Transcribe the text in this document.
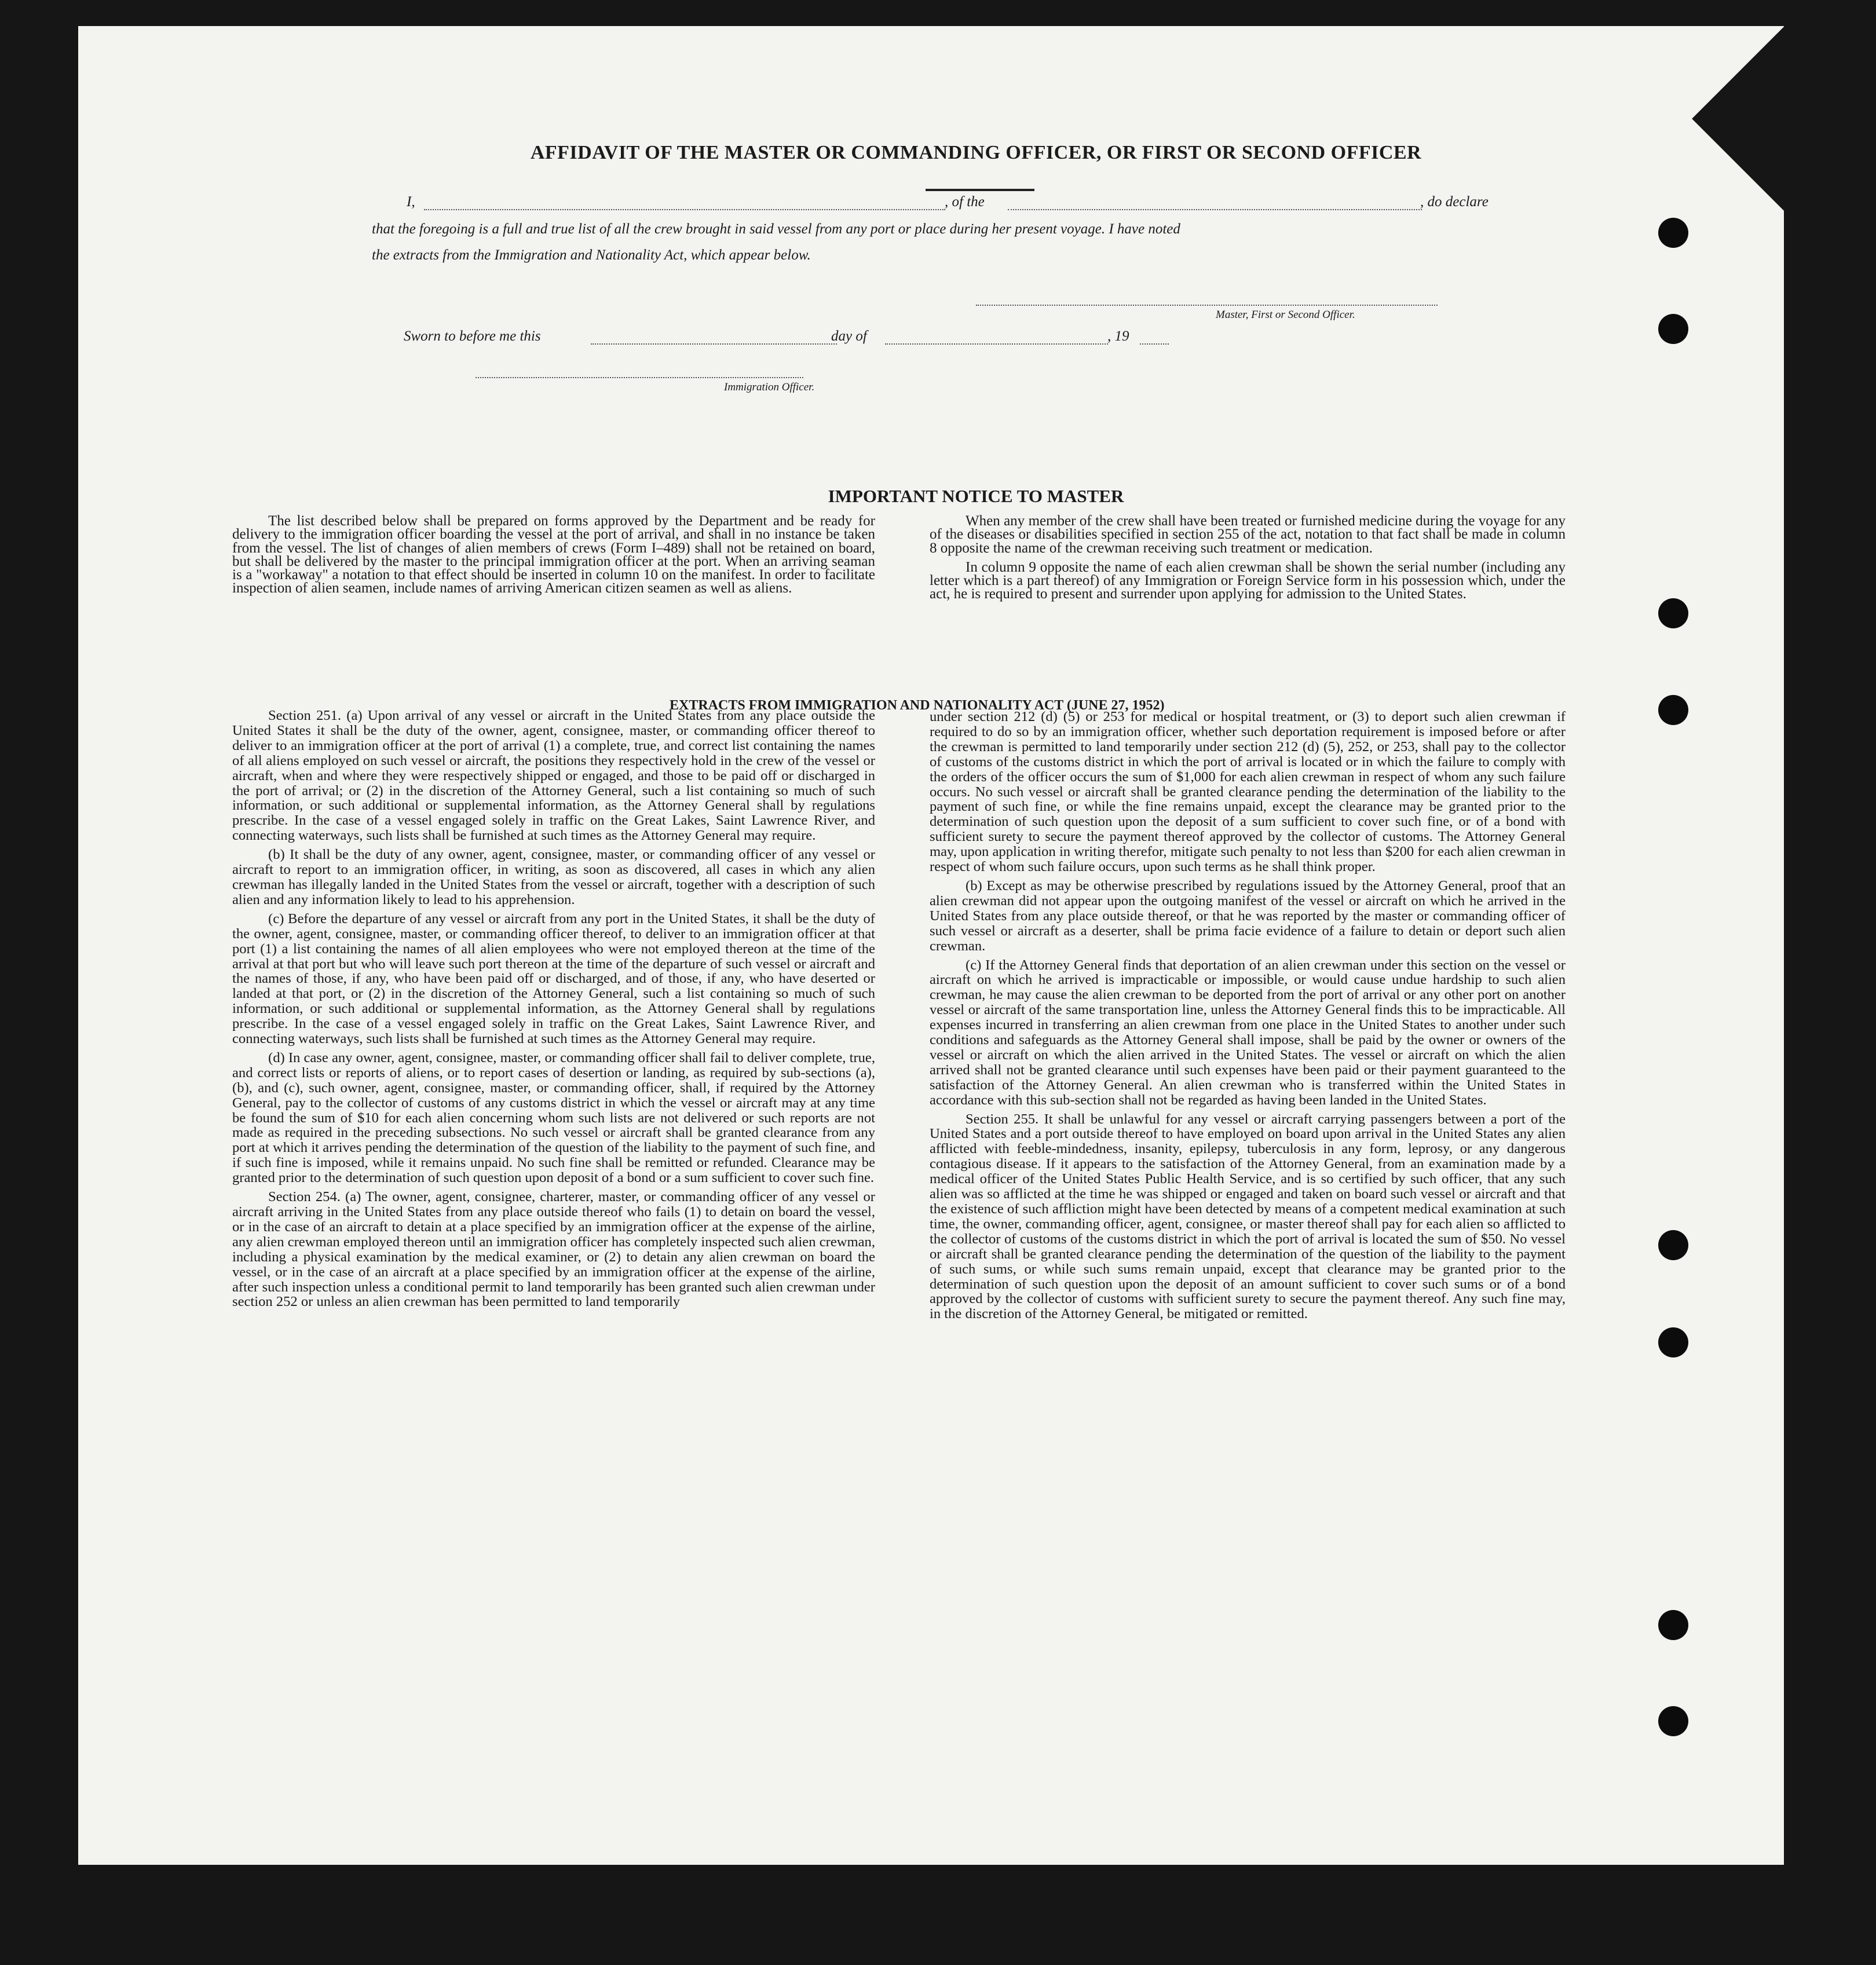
AFFIDAVIT OF THE MASTER OR COMMANDING OFFICER, OR FIRST OR SECOND OFFICER
I,	, of the	, do declare
that the foregoing is a full and true list of all the crew brought in said vessel from any port or place during her present voyage. I have noted
the extracts from the Immigration and Nationality Act, which appear below.
Master, First or Second Officer.
Sworn to before me this	day of	, 19
Immigration Officer.
IMPORTANT NOTICE TO MASTER

The list described below shall be prepared on forms approved by the Department and be ready for delivery to the immigration officer boarding the vessel at the port of arrival, and shall in no instance be taken from the vessel. The list of changes of alien members of crews (Form I–489) shall not be retained on board, but shall be delivered by the master to the principal immigration officer at the port. When an arriving seaman is a "workaway" a notation to that effect should be inserted in column 10 on the manifest. In order to facilitate inspection of alien seamen, include names of arriving American citizen seamen as well as aliens.

When any member of the crew shall have been treated or furnished medicine during the voyage for any of the diseases or disabilities specified in section 255 of the act, notation to that fact shall be made in column 8 opposite the name of the crewman receiving such treatment or medication.

In column 9 opposite the name of each alien crewman shall be shown the serial number (including any letter which is a part thereof) of any Immigration or Foreign Service form in his possession which, under the act, he is required to present and surrender upon applying for admission to the United States.

EXTRACTS FROM IMMIGRATION AND NATIONALITY ACT (JUNE 27, 1952)

Section 251. (a) Upon arrival of any vessel or aircraft in the United States from any place outside the United States it shall be the duty of the owner, agent, consignee, master, or commanding officer thereof to deliver to an immigration officer at the port of arrival (1) a complete, true, and correct list containing the names of all aliens employed on such vessel or aircraft, the positions they respectively hold in the crew of the vessel or aircraft, when and where they were respectively shipped or engaged, and those to be paid off or discharged in the port of arrival; or (2) in the discretion of the Attorney General, such a list containing so much of such information, or such additional or supplemental information, as the Attorney General shall by regulations prescribe. In the case of a vessel engaged solely in traffic on the Great Lakes, Saint Lawrence River, and connecting waterways, such lists shall be furnished at such times as the Attorney General may require.

(b) It shall be the duty of any owner, agent, consignee, master, or commanding officer of any vessel or aircraft to report to an immigration officer, in writing, as soon as discovered, all cases in which any alien crewman has illegally landed in the United States from the vessel or aircraft, together with a description of such alien and any information likely to lead to his apprehension.

(c) Before the departure of any vessel or aircraft from any port in the United States, it shall be the duty of the owner, agent, consignee, master, or commanding officer thereof, to deliver to an immigration officer at that port (1) a list containing the names of all alien employees who were not employed thereon at the time of the arrival at that port but who will leave such port thereon at the time of the departure of such vessel or aircraft and the names of those, if any, who have been paid off or discharged, and of those, if any, who have deserted or landed at that port, or (2) in the discretion of the Attorney General, such a list containing so much of such information, or such additional or supplemental information, as the Attorney General shall by regulations prescribe. In the case of a vessel engaged solely in traffic on the Great Lakes, Saint Lawrence River, and connecting waterways, such lists shall be furnished at such times as the Attorney General may require.

(d) In case any owner, agent, consignee, master, or commanding officer shall fail to deliver complete, true, and correct lists or reports of aliens, or to report cases of desertion or landing, as required by sub-sections (a), (b), and (c), such owner, agent, consignee, master, or commanding officer, shall, if required by the Attorney General, pay to the collector of customs of any customs district in which the vessel or aircraft may at any time be found the sum of $10 for each alien concerning whom such lists are not delivered or such reports are not made as required in the preceding subsections. No such vessel or aircraft shall be granted clearance from any port at which it arrives pending the determination of the question of the liability to the payment of such fine, and if such fine is imposed, while it remains unpaid. No such fine shall be remitted or refunded. Clearance may be granted prior to the determination of such question upon deposit of a bond or a sum sufficient to cover such fine.

Section 254. (a) The owner, agent, consignee, charterer, master, or commanding officer of any vessel or aircraft arriving in the United States from any place outside thereof who fails (1) to detain on board the vessel, or in the case of an aircraft to detain at a place specified by an immigration officer at the expense of the airline, any alien crewman employed thereon until an immigration officer has completely inspected such alien crewman, including a physical examination by the medical examiner, or (2) to detain any alien crewman on board the vessel, or in the case of an aircraft at a place specified by an immigration officer at the expense of the airline, after such inspection unless a conditional permit to land temporarily has been granted such alien crewman under section 252 or unless an alien crewman has been permitted to land temporarily

under section 212 (d) (5) or 253 for medical or hospital treatment, or (3) to deport such alien crewman if required to do so by an immigration officer, whether such deportation requirement is imposed before or after the crewman is permitted to land temporarily under section 212 (d) (5), 252, or 253, shall pay to the collector of customs of the customs district in which the port of arrival is located or in which the failure to comply with the orders of the officer occurs the sum of $1,000 for each alien crewman in respect of whom any such failure occurs. No such vessel or aircraft shall be granted clearance pending the determination of the liability to the payment of such fine, or while the fine remains unpaid, except the clearance may be granted prior to the determination of such question upon the deposit of a sum sufficient to cover such fine, or of a bond with sufficient surety to secure the payment thereof approved by the collector of customs. The Attorney General may, upon application in writing therefor, mitigate such penalty to not less than $200 for each alien crewman in respect of whom such failure occurs, upon such terms as he shall think proper.

(b) Except as may be otherwise prescribed by regulations issued by the Attorney General, proof that an alien crewman did not appear upon the outgoing manifest of the vessel or aircraft on which he arrived in the United States from any place outside thereof, or that he was reported by the master or commanding officer of such vessel or aircraft as a deserter, shall be prima facie evidence of a failure to detain or deport such alien crewman.

(c) If the Attorney General finds that deportation of an alien crewman under this section on the vessel or aircraft on which he arrived is impracticable or impossible, or would cause undue hardship to such alien crewman, he may cause the alien crewman to be deported from the port of arrival or any other port on another vessel or aircraft of the same transportation line, unless the Attorney General finds this to be impracticable. All expenses incurred in transferring an alien crewman from one place in the United States to another under such conditions and safeguards as the Attorney General shall impose, shall be paid by the owner or owners of the vessel or aircraft on which the alien arrived in the United States. The vessel or aircraft on which the alien arrived shall not be granted clearance until such expenses have been paid or their payment guaranteed to the satisfaction of the Attorney General. An alien crewman who is transferred within the United States in accordance with this sub-section shall not be regarded as having been landed in the United States.

Section 255. It shall be unlawful for any vessel or aircraft carrying passengers between a port of the United States and a port outside thereof to have employed on board upon arrival in the United States any alien afflicted with feeble-mindedness, insanity, epilepsy, tuberculosis in any form, leprosy, or any dangerous contagious disease. If it appears to the satisfaction of the Attorney General, from an examination made by a medical officer of the United States Public Health Service, and is so certified by such officer, that any such alien was so afflicted at the time he was shipped or engaged and taken on board such vessel or aircraft and that the existence of such affliction might have been detected by means of a competent medical examination at such time, the owner, commanding officer, agent, consignee, or master thereof shall pay for each alien so afflicted to the collector of customs of the customs district in which the port of arrival is located the sum of $50. No vessel or aircraft shall be granted clearance pending the determination of the question of the liability to the payment of such sums, or while such sums remain unpaid, except that clearance may be granted prior to the determination of such question upon the deposit of an amount sufficient to cover such sums or of a bond approved by the collector of customs with sufficient surety to secure the payment thereof. Any such fine may, in the discretion of the Attorney General, be mitigated or remitted.
